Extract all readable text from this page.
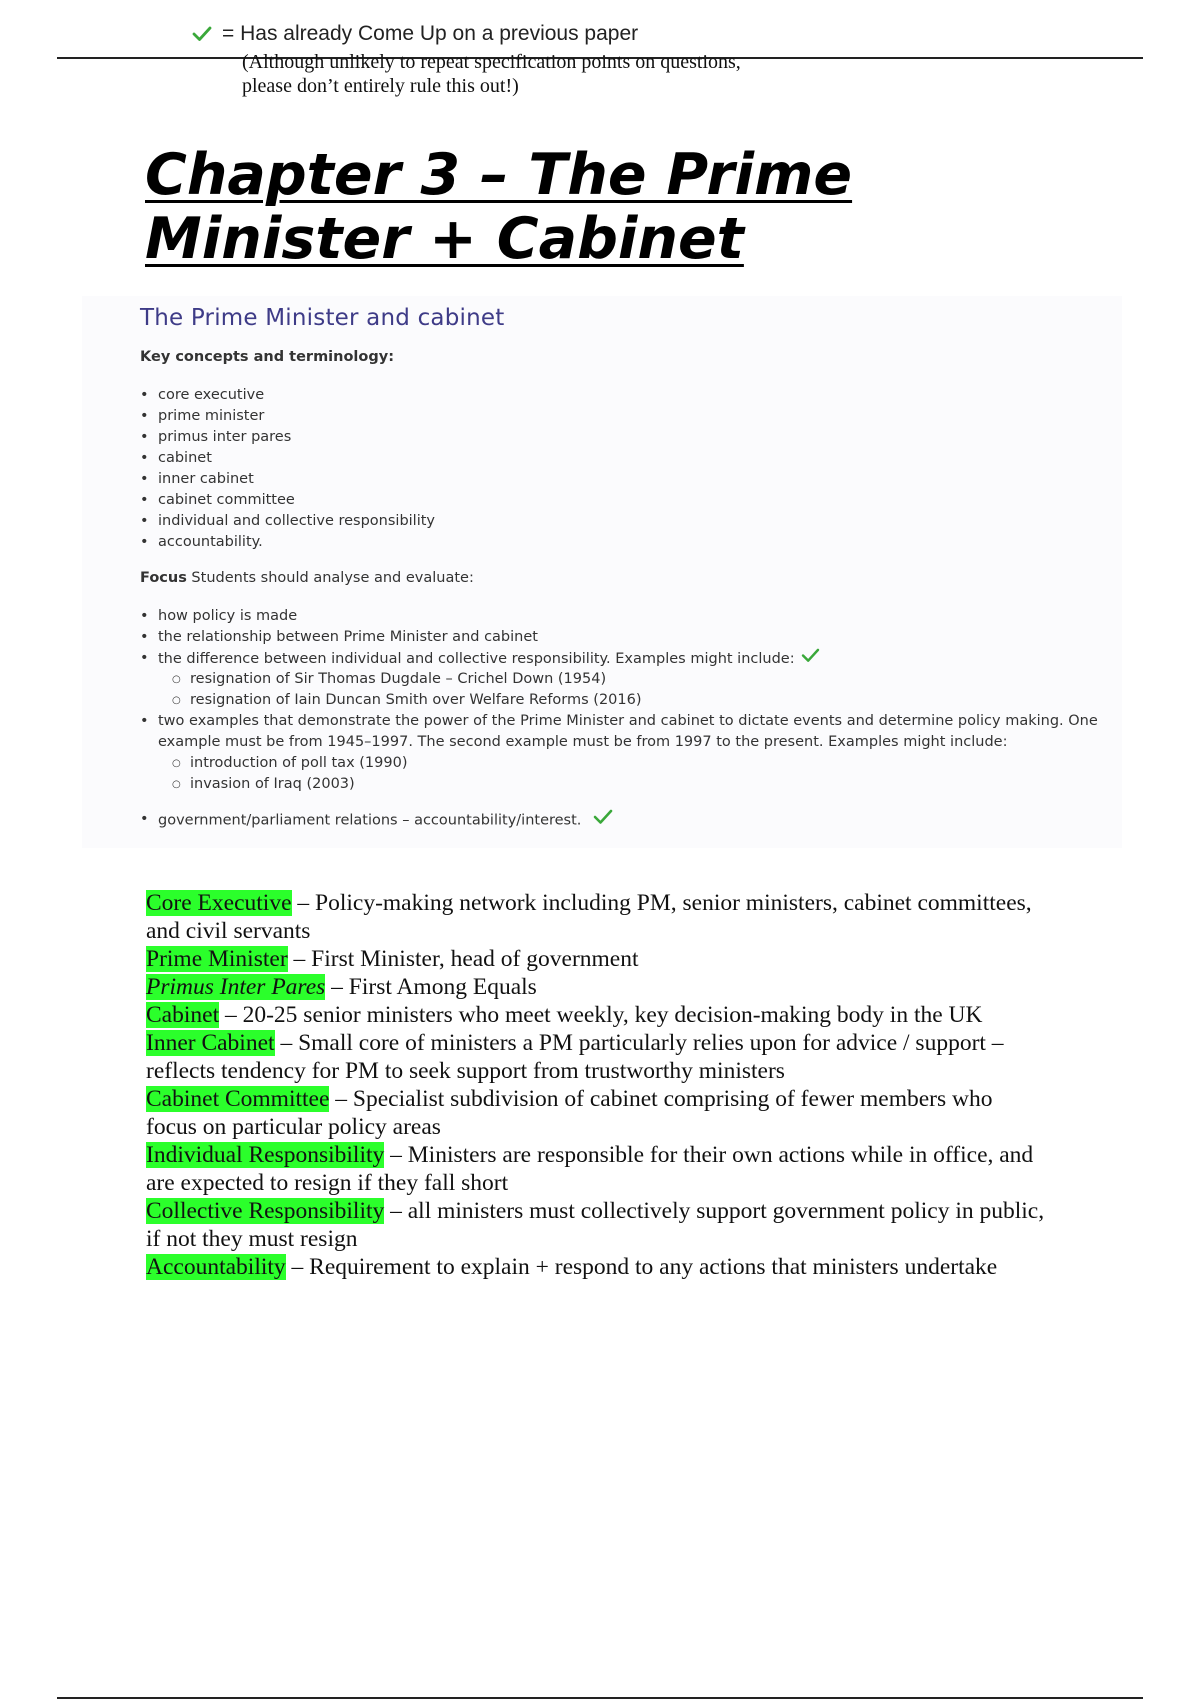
= Has already Come Up on a previous paper
(Although unlikely to repeat specification points on questions,
please don’t entirely rule this out!)
Chapter 3 – The Prime
Minister + Cabinet
The Prime Minister and cabinet
Key concepts and terminology:
• core executive
• prime minister
• primus inter pares
• cabinet
• inner cabinet
• cabinet committee
• individual and collective responsibility
• accountability.
Focus Students should analyse and evaluate:
• how policy is made
• the relationship between Prime Minister and cabinet
• the difference between individual and collective responsibility. Examples might include:
○ resignation of Sir Thomas Dugdale – Crichel Down (1954)
○ resignation of Iain Duncan Smith over Welfare Reforms (2016)
• two examples that demonstrate the power of the Prime Minister and cabinet to dictate events and determine policy making. One example must be from 1945–1997. The second example must be from 1997 to the present. Examples might include:
○ introduction of poll tax (1990)
○ invasion of Iraq (2003)
• government/parliament relations – accountability/interest.

Core Executive – Policy-making network including PM, senior ministers, cabinet committees, and civil servants

Prime Minister – First Minister, head of government

Primus Inter Pares – First Among Equals

Cabinet – 20-25 senior ministers who meet weekly, key decision-making body in the UK

Inner Cabinet – Small core of ministers a PM particularly relies upon for advice / support – reflects tendency for PM to seek support from trustworthy ministers

Cabinet Committee – Specialist subdivision of cabinet comprising of fewer members who focus on particular policy areas

Individual Responsibility – Ministers are responsible for their own actions while in office, and are expected to resign if they fall short

Collective Responsibility – all ministers must collectively support government policy in public, if not they must resign

Accountability – Requirement to explain + respond to any actions that ministers undertake
